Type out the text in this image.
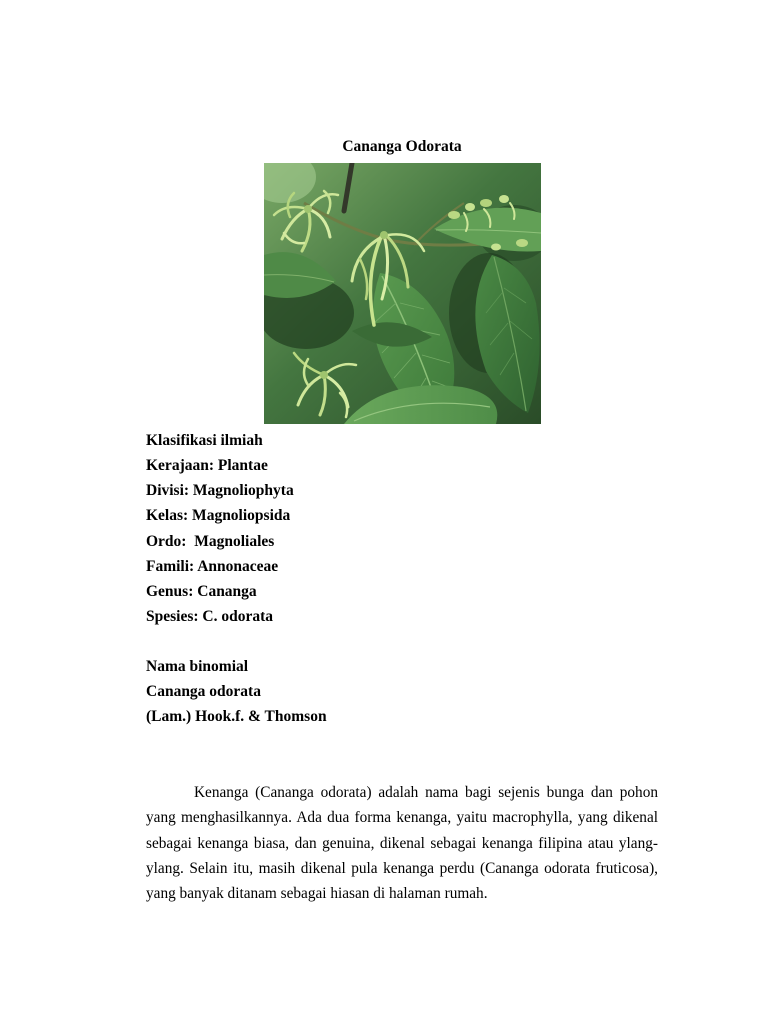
Cananga Odorata
Klasifikasi ilmiah
Kerajaan: Plantae
Divisi: Magnoliophyta
Kelas: Magnoliopsida
Ordo:  Magnoliales
Famili: Annonaceae
Genus: Cananga
Spesies: C. odorata
Nama binomial
Cananga odorata
(Lam.) Hook.f. & Thomson
Kenanga (Cananga odorata) adalah nama bagi sejenis bunga dan pohon
yang menghasilkannya. Ada dua forma kenanga, yaitu macrophylla, yang dikenal
sebagai kenanga biasa, dan genuina, dikenal sebagai kenanga filipina atau ylang-
ylang. Selain itu, masih dikenal pula kenanga perdu (Cananga odorata fruticosa),
yang banyak ditanam sebagai hiasan di halaman rumah.
